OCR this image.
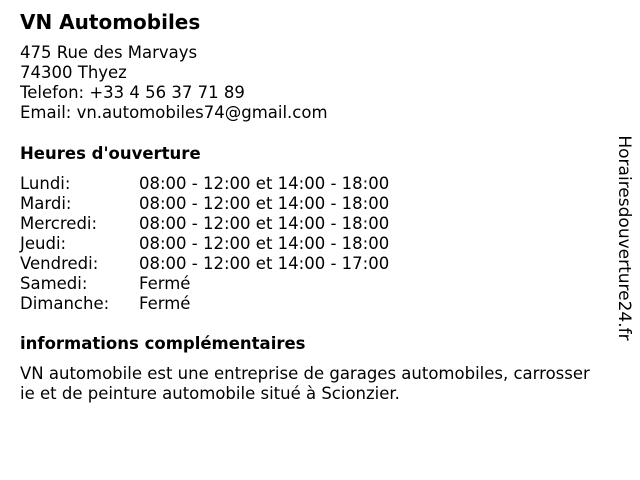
VN Automobiles
475 Rue des Marvays
74300 Thyez
Telefon: +33 4 56 37 71 89
Email: vn.automobiles74@gmail.com
Heures d'ouverture
Lundi:	08:00 - 12:00 et 14:00 - 18:00
Mardi:	08:00 - 12:00 et 14:00 - 18:00
Mercredi:	08:00 - 12:00 et 14:00 - 18:00
Jeudi:	08:00 - 12:00 et 14:00 - 18:00
Vendredi: 08:00 - 12:00 et 14:00 - 17:00
Samedi:	Fermé
Dimanche: Fermé
informations complémentaires
VN automobile est une entreprise de garages automobiles, carrosser
ie et de peinture automobile situé à Scionzier.
Horairesdouverture24.fr
